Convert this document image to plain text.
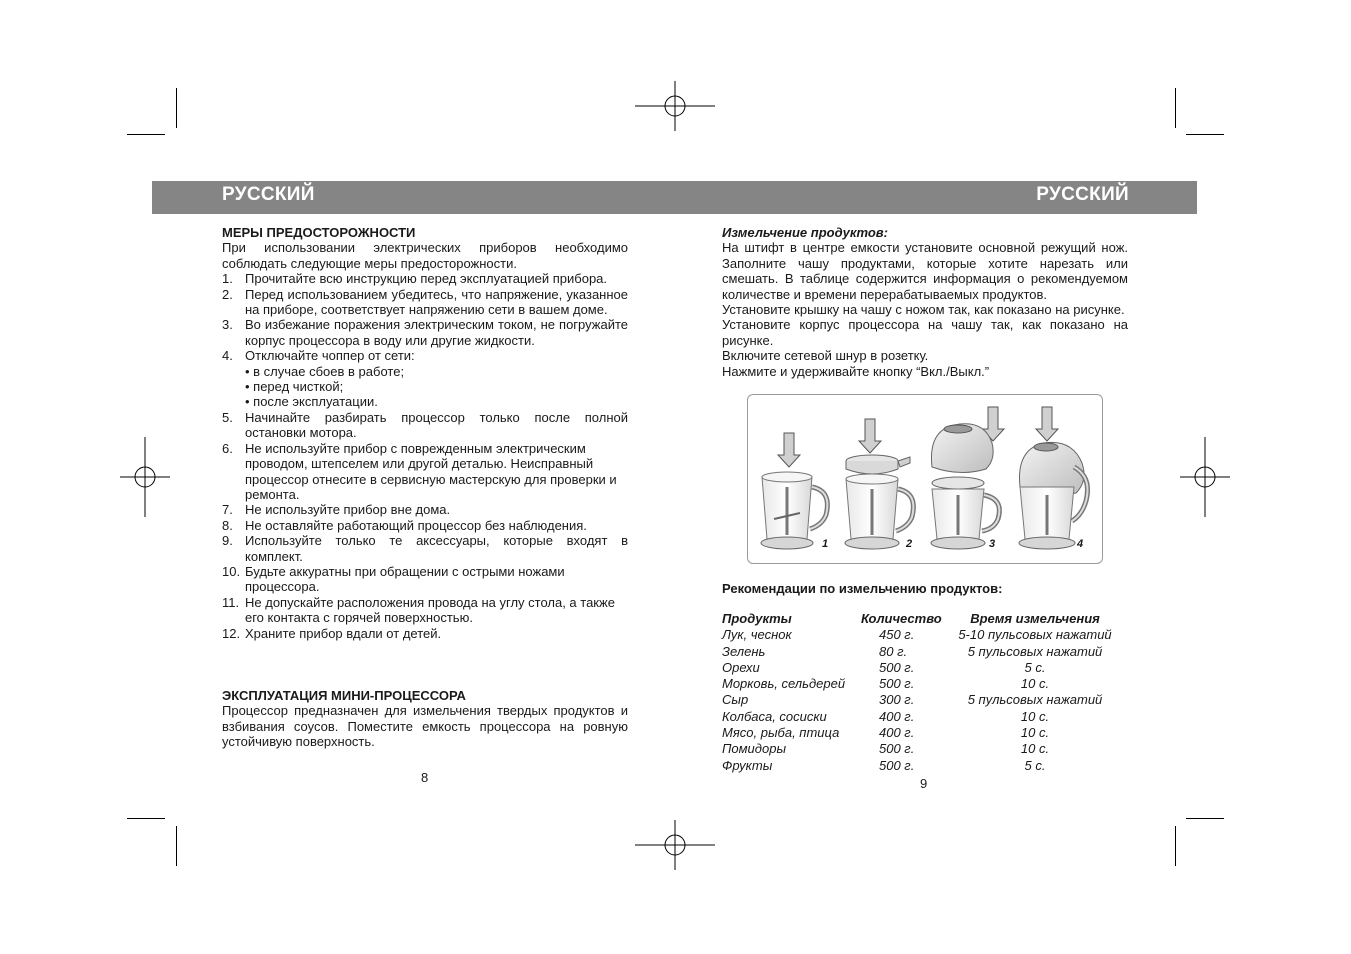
РУССКИЙ	РУССКИЙ
МЕРЫ ПРЕДОСТОРОЖНОСТИ
При использовании электрических приборов необходимо соблюдать следующие меры предосторожности.
1. Прочитайте всю инструкцию перед эксплуатацией прибора.
2. Перед использованием убедитесь, что напряжение, указанное на приборе, соответствует напряжению сети в вашем доме.
3. Во избежание поражения электрическим током, не погружайте корпус процессора в воду или другие жидкости.
4. Отключайте чоппер от сети:
• в случае сбоев в работе;
• перед чисткой;
• после эксплуатации.
5. Начинайте разбирать процессор только после полной остановки мотора.
6. Не используйте прибор с поврежденным электрическим проводом, штепселем или другой деталью. Неисправный процессор отнесите в сервисную мастерскую для проверки и ремонта.
7. Не используйте прибор вне дома.
8. Не оставляйте работающий процессор без наблюдения.
9. Используйте только те аксессуары, которые входят в комплект.
10. Будьте аккуратны при обращении с острыми ножами процессора.
11. Не допускайте расположения провода на углу стола, а также его контакта с горячей поверхностью.
12. Храните прибор вдали от детей.
ЭКСПЛУАТАЦИЯ МИНИ-ПРОЦЕССОРА
Процессор предназначен для измельчения твердых продуктов и взбивания соусов. Поместите емкость процессора на ровную устойчивую поверхность.
8
Измельчение продуктов:
На штифт в центре емкости установите основной режущий нож. Заполните чашу продуктами, которые хотите нарезать или смешать. В таблице содержится информация о рекомендуемом количестве и времени перерабатываемых продуктов.
Установите крышку на чашу с ножом так, как показано на рисунке.
Установите корпус процессора на чашу так, как показано на рисунке.
Включите сетевой шнур в розетку.
Нажмите и удерживайте кнопку “Вкл./Выкл.”
1	2	3	4
Рекомендации по измельчению продуктов:
Продукты	Количество	Время измельчения
Лук, чеснок	450 г.	5-10 пульсовых нажатий
Зелень	80 г.	5 пульсовых нажатий
Орехи	500 г.	5 с.
Морковь, сельдерей	500 г.	10 с.
Сыр	300 г.	5 пульсовых нажатий
Колбаса, сосиски	400 г.	10 с.
Мясо, рыба, птица	400 г.	10 с.
Помидоры	500 г.	10 с.
Фрукты	500 г.	5 с.
9
